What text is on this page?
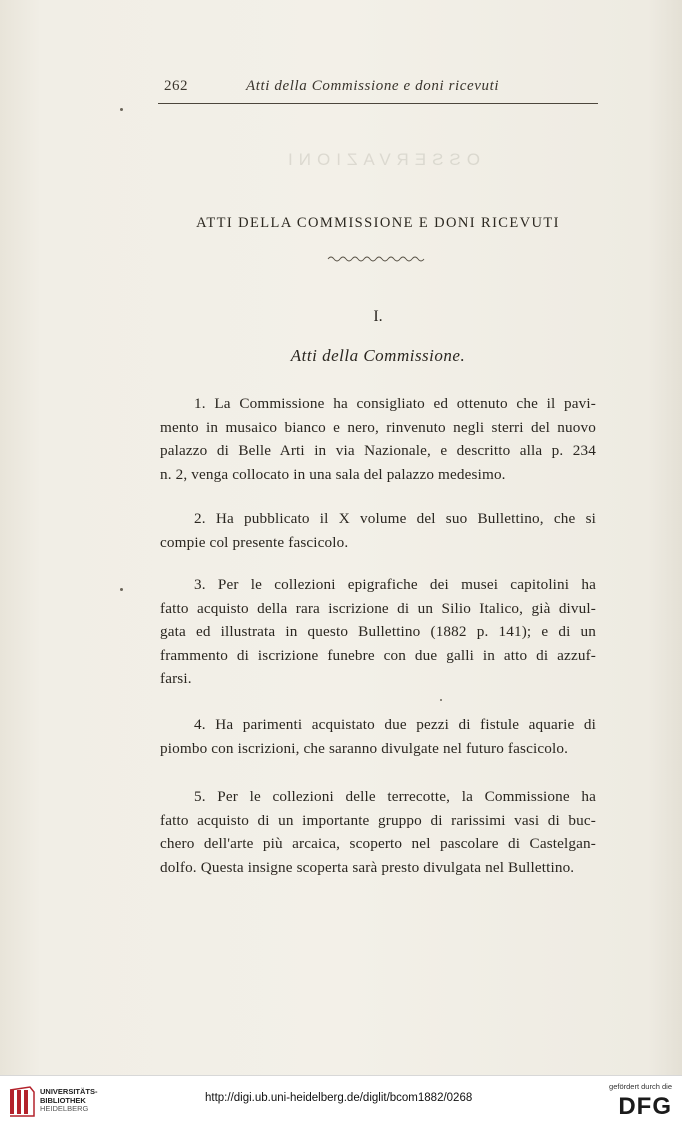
262	Atti della Commissione e doni ricevuti
OSSERVAZIONI
ATTI DELLA COMMISSIONE E DONI RICEVUTI
I.
Atti della Commissione.
1. La Commissione ha consigliato ed ottenuto che il pavi-
mento in musaico bianco e nero, rinvenuto negli sterri del nuovo
palazzo di Belle Arti in via Nazionale, e descritto alla p. 234
n. 2, venga collocato in una sala del palazzo medesimo.
2. Ha pubblicato il X volume del suo Bullettino, che si
compie col presente fascicolo.
3. Per le collezioni epigrafiche dei musei capitolini ha
fatto acquisto della rara iscrizione di un Silio Italico, già divul-
gata ed illustrata in questo Bullettino (1882 p. 141); e di un
frammento di iscrizione funebre con due galli in atto di azzuf-
farsi.
4. Ha parimenti acquistato due pezzi di fistule aquarie di
piombo con iscrizioni, che saranno divulgate nel futuro fascicolo.
5. Per le collezioni delle terrecotte, la Commissione ha
fatto acquisto di un importante gruppo di rarissimi vasi di buc-
chero dell'arte più arcaica, scoperto nel pascolare di Castelgan-
dolfo. Questa insigne scoperta sarà presto divulgata nel Bullettino.
UNIVERSITÄTS-
BIBLIOTHEK
HEIDELBERG
http://digi.ub.uni-heidelberg.de/diglit/bcom1882/0268
gefördert durch die
DFG
